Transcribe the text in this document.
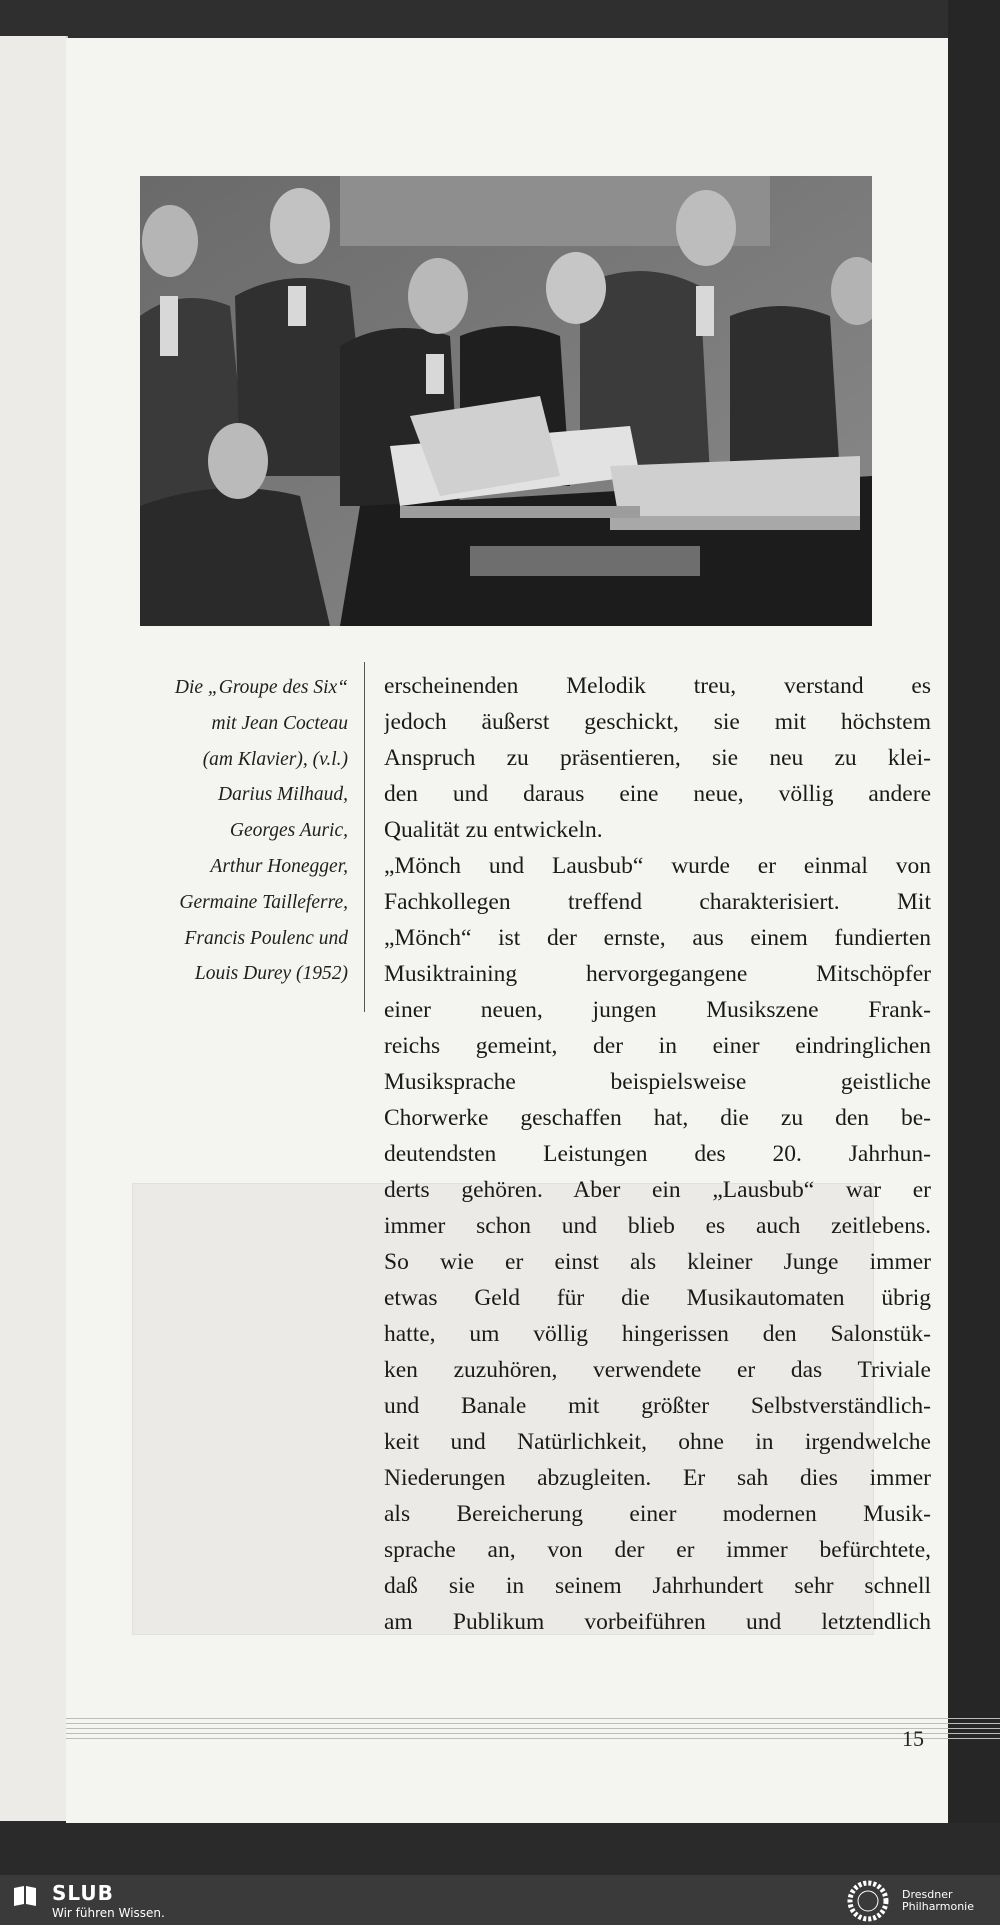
Die „Groupe des Six“
mit Jean Cocteau
(am Klavier), (v.l.)
Darius Milhaud,
Georges Auric,
Arthur Honegger,
Germaine Tailleferre,
Francis Poulenc und
Louis Durey (1952)
erscheinenden Melodik treu, verstand es
jedoch äußerst geschickt, sie mit höchstem
Anspruch zu präsentieren, sie neu zu klei-
den und daraus eine neue, völlig andere
Qualität zu entwickeln.
„Mönch und Lausbub“ wurde er einmal von
Fachkollegen treffend charakterisiert. Mit
„Mönch“ ist der ernste, aus einem fundierten
Musiktraining hervorgegangene Mitschöpfer
einer neuen, jungen Musikszene Frank-
reichs gemeint, der in einer eindringlichen
Musiksprache beispielsweise geistliche
Chorwerke geschaffen hat, die zu den be-
deutendsten Leistungen des 20. Jahrhun-
derts gehören. Aber ein „Lausbub“ war er
immer schon und blieb es auch zeitlebens.
So wie er einst als kleiner Junge immer
etwas Geld für die Musikautomaten übrig
hatte, um völlig hingerissen den Salonstük-
ken zuzuhören, verwendete er das Triviale
und Banale mit größter Selbstverständlich-
keit und Natürlichkeit, ohne in irgendwelche
Niederungen abzugleiten. Er sah dies immer
als Bereicherung einer modernen Musik-
sprache an, von der er immer befürchtete,
daß sie in seinem Jahrhundert sehr schnell
am Publikum vorbeiführen und letztendlich
15
SLUB
Wir führen Wissen.
Dresdner
Philharmonie
